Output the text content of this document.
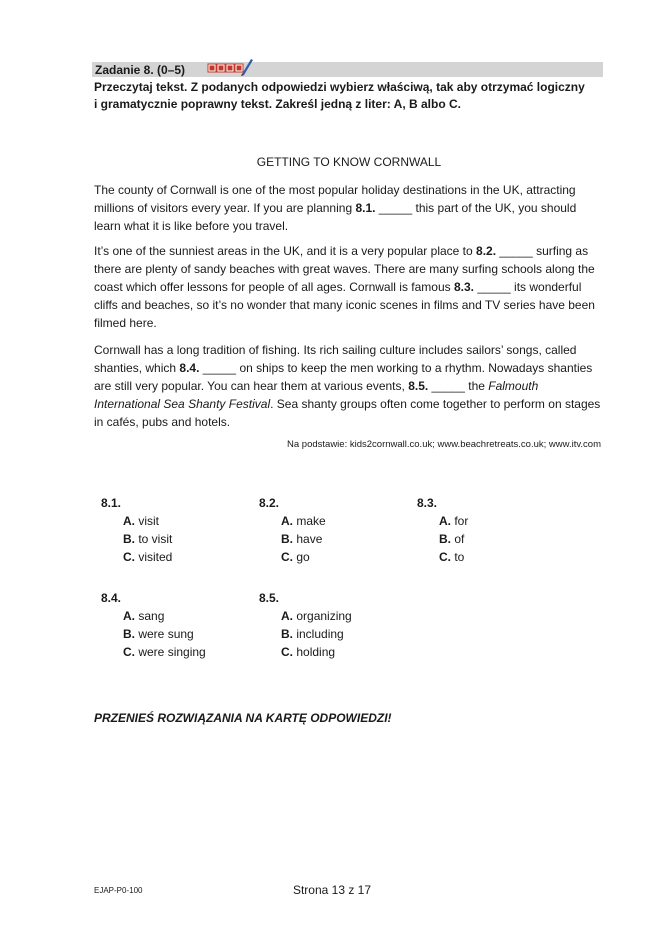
Zadanie 8. (0–5)
Przeczytaj tekst. Z podanych odpowiedzi wybierz właściwą, tak aby otrzymać logiczny
i gramatycznie poprawny tekst. Zakreśl jedną z liter: A, B albo C.
GETTING TO KNOW CORNWALL
The county of Cornwall is one of the most popular holiday destinations in the UK, attracting millions of visitors every year. If you are planning 8.1. _____ this part of the UK, you should learn what it is like before you travel.
It’s one of the sunniest areas in the UK, and it is a very popular place to 8.2. _____ surfing as there are plenty of sandy beaches with great waves. There are many surfing schools along the coast which offer lessons for people of all ages. Cornwall is famous 8.3. _____ its wonderful cliffs and beaches, so it’s no wonder that many iconic scenes in films and TV series have been filmed here.
Cornwall has a long tradition of fishing. Its rich sailing culture includes sailors’ songs, called shanties, which 8.4. _____ on ships to keep the men working to a rhythm. Nowadays shanties are still very popular. You can hear them at various events, 8.5. _____ the Falmouth International Sea Shanty Festival. Sea shanty groups often come together to perform on stages in cafés, pubs and hotels.
Na podstawie: kids2cornwall.co.uk; www.beachretreats.co.uk; www.itv.com
8.1.
A. visit
B. to visit
C. visited
8.2.
A. make
B. have
C. go
8.3.
A. for
B. of
C. to
8.4.
A. sang
B. were sung
C. were singing
8.5.
A. organizing
B. including
C. holding
PRZENIEŚ ROZWIĄZANIA NA KARTĘ ODPOWIEDZI!
EJAP-P0-100	Strona 13 z 17
